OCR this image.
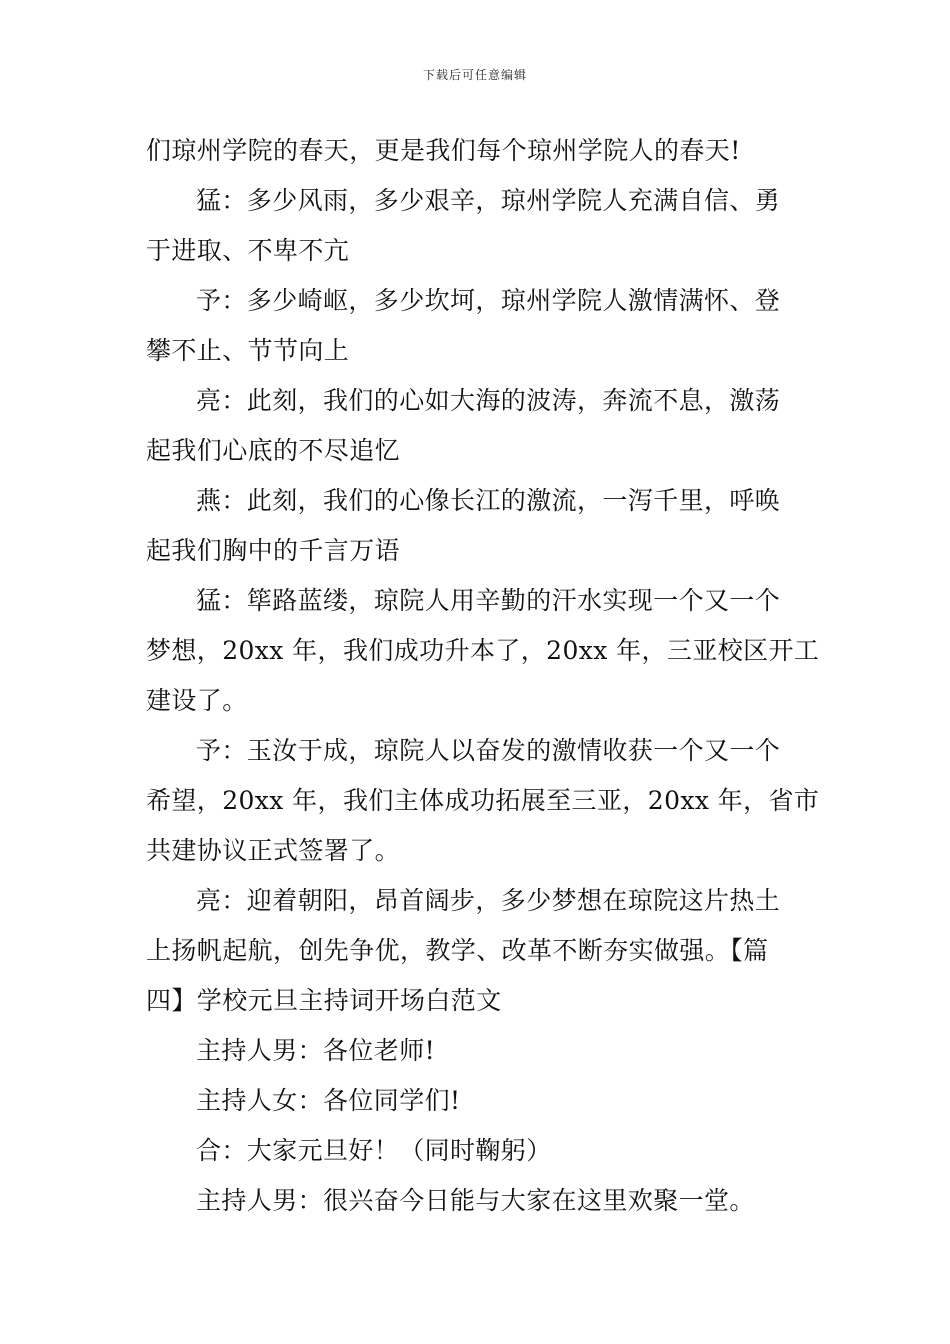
下载后可任意编辑
们琼州学院的春天，更是我们每个琼州学院人的春天!
猛：多少风雨，多少艰辛，琼州学院人充满自信、勇
于进取、不卑不亢
予：多少崎岖，多少坎坷，琼州学院人激情满怀、登
攀不止、节节向上
亮：此刻，我们的心如大海的波涛，奔流不息，激荡
起我们心底的不尽追忆
燕：此刻，我们的心像长江的激流，一泻千里，呼唤
起我们胸中的千言万语
猛：筚路蓝缕，琼院人用辛勤的汗水实现一个又一个
梦想，20xx 年，我们成功升本了，20xx 年，三亚校区开工
建设了。
予：玉汝于成，琼院人以奋发的激情收获一个又一个
希望，20xx 年，我们主体成功拓展至三亚，20xx 年，省市
共建协议正式签署了。
亮：迎着朝阳，昂首阔步，多少梦想在琼院这片热土
上扬帆起航，创先争优，教学、改革不断夯实做强。【篇
四】学校元旦主持词开场白范文
主持人男：各位老师!
主持人女：各位同学们!
合：大家元旦好！（同时鞠躬）
主持人男：很兴奋今日能与大家在这里欢聚一堂。
